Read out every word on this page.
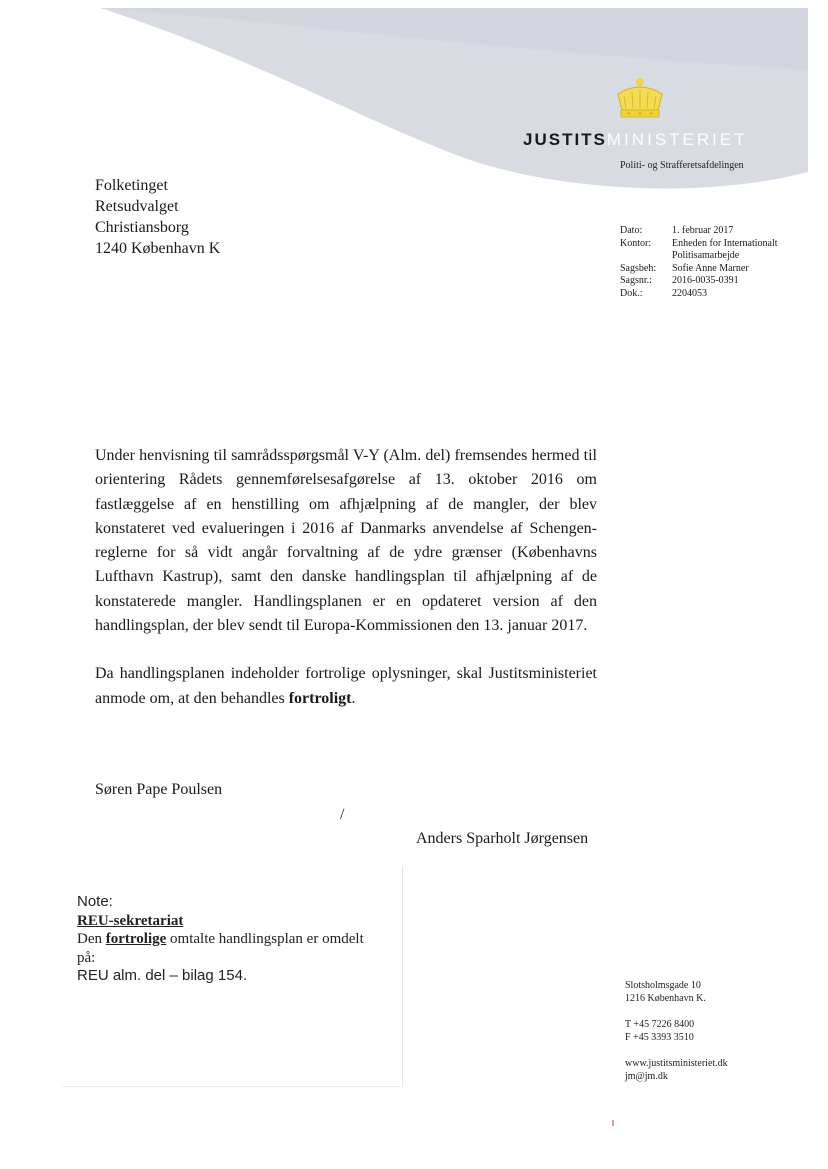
JUSTITSMINISTERIET
Politi- og Strafferetsafdelingen
Folketinget
Retsudvalget
Christiansborg
1240 København K
Dato:	1. februar 2017
Kontor:	Enheden for Internationalt Politisamarbejde
Sagsbeh:	Sofie Anne Marner
Sagsnr.:	2016-0035-0391
Dok.:	2204053

Under henvisning til samrådsspørgsmål V-Y (Alm. del) fremsendes hermed til orientering Rådets gennemførelsesafgørelse af 13. oktober 2016 om fastlæggelse af en henstilling om afhjælpning af de mangler, der blev konstateret ved evalueringen i 2016 af Danmarks anvendelse af Schengenreglerne for så vidt angår forvaltning af de ydre grænser (Københavns Lufthavn Kastrup), samt den danske handlingsplan til afhjælpning af de konstaterede mangler. Handlingsplanen er en opdateret version af den handlingsplan, der blev sendt til Europa-Kommissionen den 13. januar 2017.

Da handlingsplanen indeholder fortrolige oplysninger, skal Justitsministeriet anmode om, at den behandles fortroligt.

Søren Pape Poulsen
/
Anders Sparholt Jørgensen
Note:
REU-sekretariat
Den fortrolige omtalte handlingsplan er omdelt på:
REU alm. del – bilag 154.
Slotsholmsgade 10
1216 København K.
T +45 7226 8400
F +45 3393 3510
www.justitsministeriet.dk
jm@jm.dk
